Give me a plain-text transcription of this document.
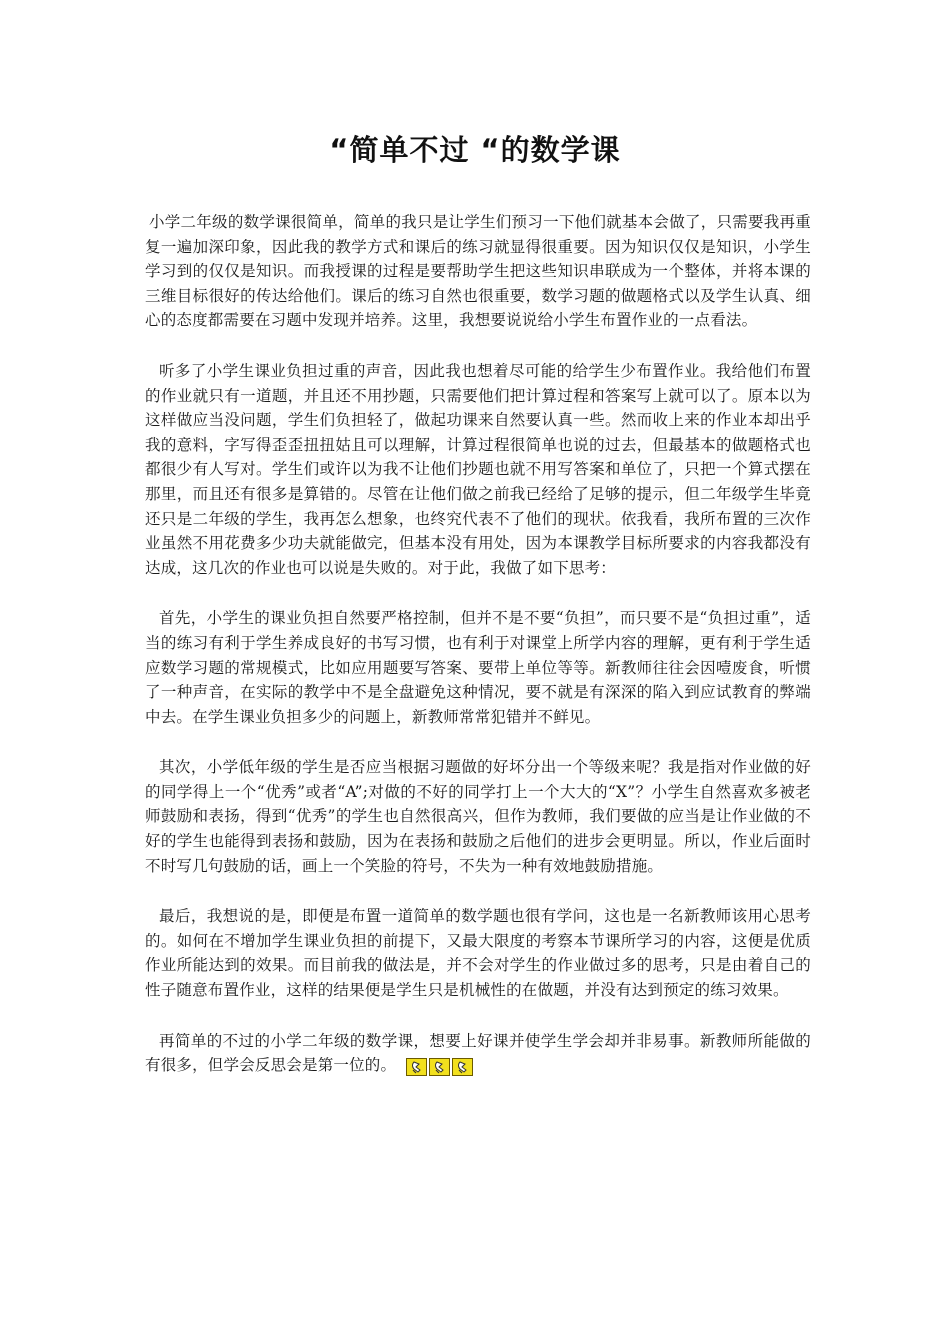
“简单不过 “的数学课

小学二年级的数学课很简单，简单的我只是让学生们预习一下他们就基本会做了，只需要我再重复一遍加深印象，因此我的教学方式和课后的练习就显得很重要。因为知识仅仅是知识，小学生学习到的仅仅是知识。而我授课的过程是要帮助学生把这些知识串联成为一个整体，并将本课的三维目标很好的传达给他们。课后的练习自然也很重要，数学习题的做题格式以及学生认真、细心的态度都需要在习题中发现并培养。这里，我想要说说给小学生布置作业的一点看法。

听多了小学生课业负担过重的声音，因此我也想着尽可能的给学生少布置作业。我给他们布置的作业就只有一道题，并且还不用抄题，只需要他们把计算过程和答案写上就可以了。原本以为这样做应当没问题，学生们负担轻了，做起功课来自然要认真一些。然而收上来的作业本却出乎我的意料，字写得歪歪扭扭姑且可以理解，计算过程很简单也说的过去，但最基本的做题格式也都很少有人写对。学生们或许以为我不让他们抄题也就不用写答案和单位了，只把一个算式摆在那里，而且还有很多是算错的。尽管在让他们做之前我已经给了足够的提示，但二年级学生毕竟还只是二年级的学生，我再怎么想象，也终究代表不了他们的现状。依我看，我所布置的三次作业虽然不用花费多少功夫就能做完，但基本没有用处，因为本课教学目标所要求的内容我都没有达成，这几次的作业也可以说是失败的。对于此，我做了如下思考：

首先，小学生的课业负担自然要严格控制，但并不是不要“负担”，而只要不是“负担过重”，适当的练习有利于学生养成良好的书写习惯，也有利于对课堂上所学内容的理解，更有利于学生适应数学习题的常规模式，比如应用题要写答案、要带上单位等等。新教师往往会因噎废食，听惯了一种声音，在实际的教学中不是全盘避免这种情况，要不就是有深深的陷入到应试教育的弊端中去。在学生课业负担多少的问题上，新教师常常犯错并不鲜见。

其次，小学低年级的学生是否应当根据习题做的好坏分出一个等级来呢？我是指对作业做的好的同学得上一个“优秀”或者“A”;对做的不好的同学打上一个大大的“X”？小学生自然喜欢多被老师鼓励和表扬，得到“优秀”的学生也自然很高兴，但作为教师，我们要做的应当是让作业做的不好的学生也能得到表扬和鼓励，因为在表扬和鼓励之后他们的进步会更明显。所以，作业后面时不时写几句鼓励的话，画上一个笑脸的符号，不失为一种有效地鼓励措施。

最后，我想说的是，即便是布置一道简单的数学题也很有学问，这也是一名新教师该用心思考的。如何在不增加学生课业负担的前提下，又最大限度的考察本节课所学习的内容，这便是优质作业所能达到的效果。而目前我的做法是，并不会对学生的作业做过多的思考，只是由着自己的性子随意布置作业，这样的结果便是学生只是机械性的在做题，并没有达到预定的练习效果。

再简单的不过的小学二年级的数学课，想要上好课并使学生学会却并非易事。新教师所能做的有很多，但学会反思会是第一位的。
